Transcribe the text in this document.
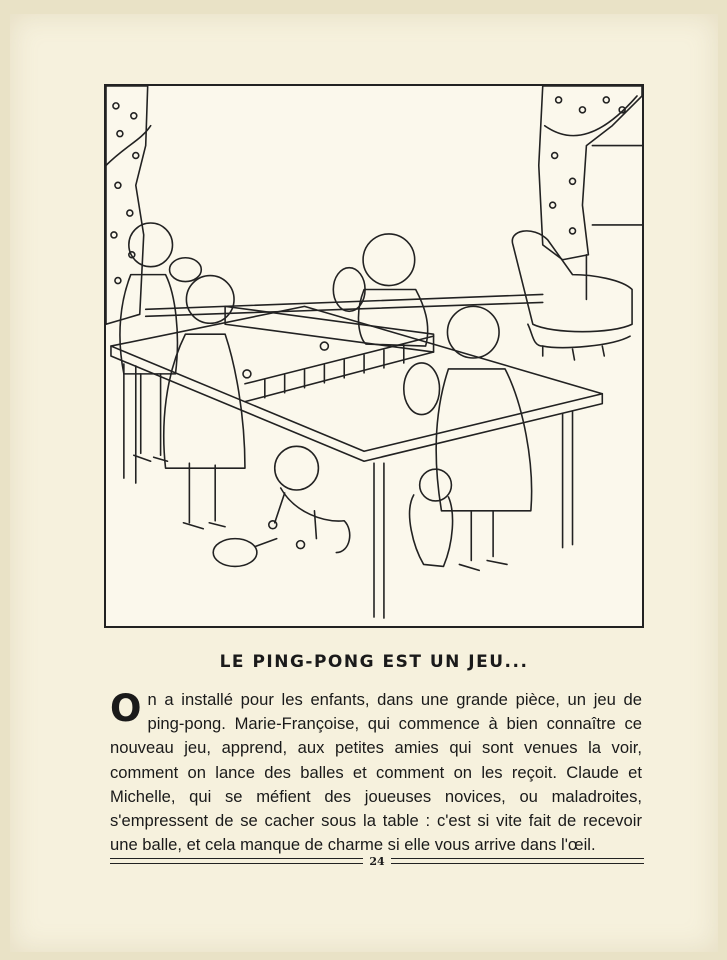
LE PING-PONG EST UN JEU...

On a installé pour les enfants, dans une grande pièce, un jeu de ping-pong. Marie-Françoise, qui commence à bien connaître ce nouveau jeu, apprend, aux petites amies qui sont venues la voir, comment on lance des balles et comment on les reçoit. Claude et Michelle, qui se méfient des joueuses novices, ou maladroites, s'empressent de se cacher sous la table : c'est si vite fait de recevoir une balle, et cela manque de charme si elle vous arrive dans l'œil.

24
